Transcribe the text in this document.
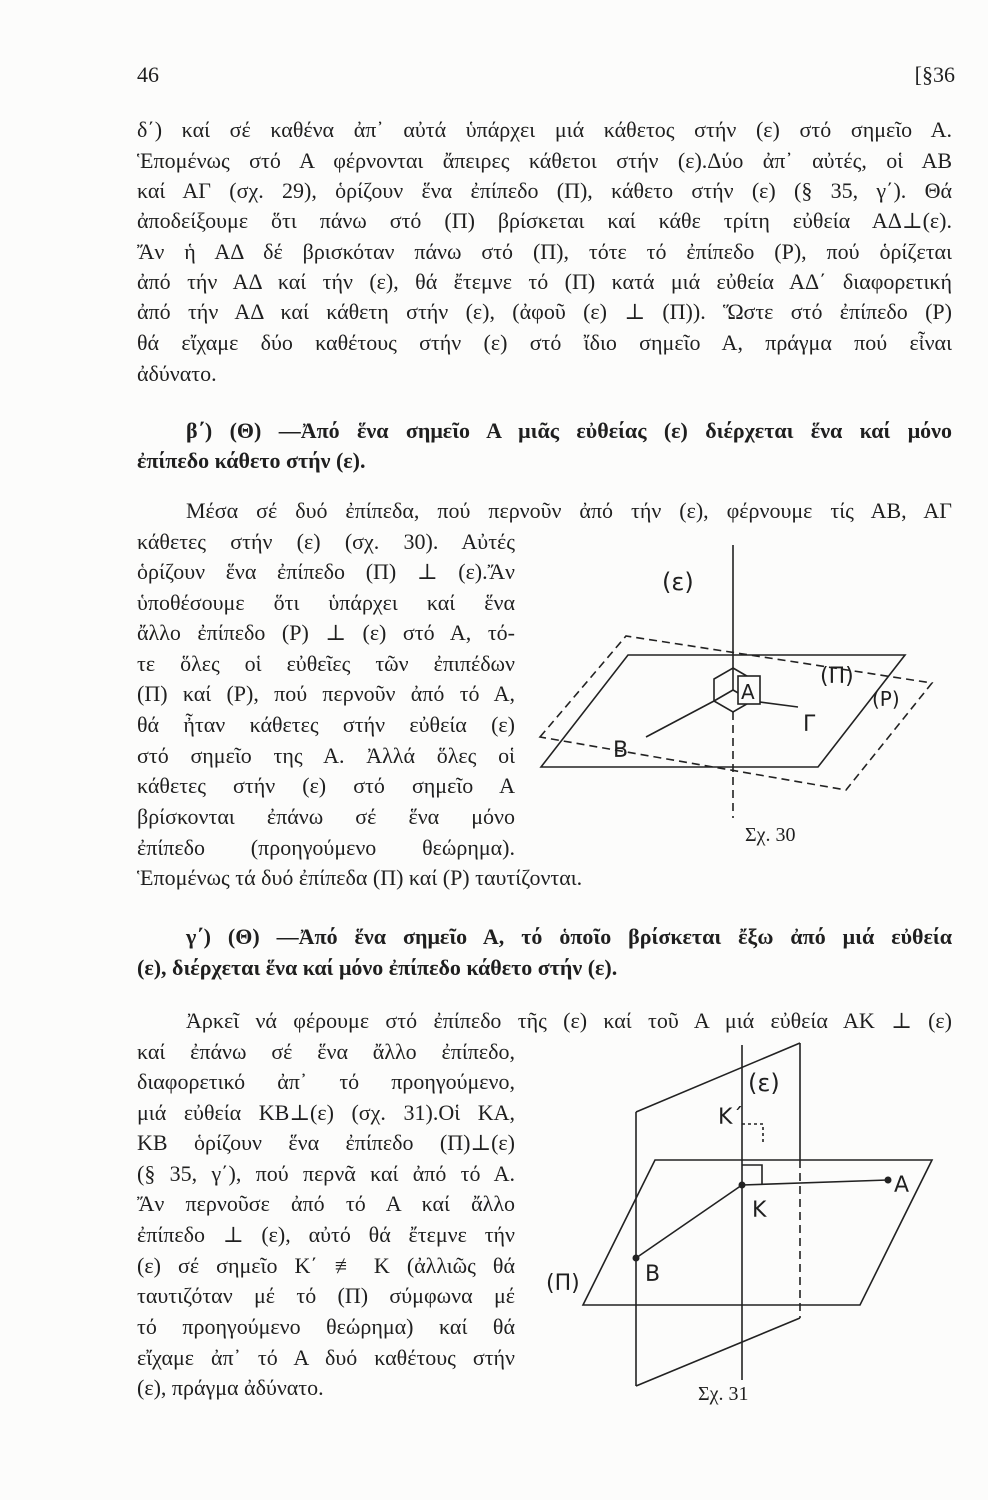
46	[§36
δ΄) καί σέ καθένα ἀπ᾽ αὐτά ὑπάρχει μιά κάθετος στήν (ε) στό σημεῖο Α.
Ἑπομένως στό Α φέρνονται ἄπειρες κάθετοι στήν (ε).Δύο ἀπ᾽ αὐτές, οἱ ΑΒ
καί ΑΓ (σχ. 29), ὁρίζουν ἕνα ἐπίπεδο (Π), κάθετο στήν (ε) (§ 35, γ΄). Θά
ἀποδείξουμε ὅτι πάνω στό (Π) βρίσκεται καί κάθε τρίτη εὐθεία ΑΔ⊥(ε).
Ἄν ἡ ΑΔ δέ βρισκόταν πάνω στό (Π), τότε τό ἐπίπεδο (Ρ), πού ὁρίζεται
ἀπό τήν ΑΔ καί τήν (ε), θά ἔτεμνε τό (Π) κατά μιά εὐθεία ΑΔ΄ διαφορετική
ἀπό τήν ΑΔ καί κάθετη στήν (ε), (ἀφοῦ (ε) ⊥ (Π)). Ὥστε στό ἐπίπεδο (Ρ)
θά εἴχαμε δύο καθέτους στήν (ε) στό ἴδιο σημεῖο Α, πράγμα πού εἶναι
ἀδύνατο.
β΄) (Θ) —Ἀπό ἕνα σημεῖο Α μιᾶς εὐθείας (ε) διέρχεται ἕνα καί μόνο
ἐπίπεδο κάθετο στήν (ε).
Μέσα σέ δυό ἐπίπεδα, πού περνοῦν ἀπό τήν (ε), φέρνουμε τίς ΑΒ, ΑΓ
κάθετες στήν (ε) (σχ. 30). Αὐτές
ὁρίζουν ἕνα ἐπίπεδο (Π) ⊥ (ε).Ἄν
ὑποθέσουμε ὅτι ὑπάρχει καί ἕνα
ἄλλο ἐπίπεδο (Ρ) ⊥ (ε) στό Α, τό-
τε ὅλες οἱ εὐθεῖες τῶν ἐπιπέδων
(Π) καί (Ρ), πού περνοῦν ἀπό τό Α,
θά ἦταν κάθετες στήν εὐθεία (ε)
στό σημεῖο της Α. Ἀλλά ὅλες οἱ
κάθετες στήν (ε) στό σημεῖο Α
βρίσκονται ἐπάνω σέ ἕνα μόνο
ἐπίπεδο (προηγούμενο θεώρημα).
Ἑπομένως τά δυό ἐπίπεδα (Π) καί (Ρ) ταυτίζονται.
(ε)
(Π)
(Ρ)
Α
Γ
Β
Σχ. 30
γ΄) (Θ) —Ἀπό ἕνα σημεῖο Α, τό ὁποῖο βρίσκεται ἔξω ἀπό μιά εὐθεία
(ε), διέρχεται ἕνα καί μόνο ἐπίπεδο κάθετο στήν (ε).
Ἀρκεῖ νά φέρουμε στό ἐπίπεδο τῆς (ε) καί τοῦ Α μιά εὐθεία ΑΚ ⊥ (ε)
καί ἐπάνω σέ ἕνα ἄλλο ἐπίπεδο,
διαφορετικό ἀπ᾽ τό προηγούμενο,
μιά εὐθεία ΚΒ⊥(ε) (σχ. 31).Οἱ ΚΑ,
ΚΒ ὁρίζουν ἕνα ἐπίπεδο (Π)⊥(ε)
(§ 35, γ΄), πού περνᾶ καί ἀπό τό Α.
Ἄν περνοῦσε ἀπό τό Α καί ἄλλο
ἐπίπεδο ⊥ (ε), αὐτό θά ἔτεμνε τήν
(ε) σέ σημεῖο Κ΄ ≢ Κ (ἀλλιῶς θά
ταυτιζόταν μέ τό (Π) σύμφωνα μέ
τό προηγούμενο θεώρημα) καί θά
εἴχαμε ἀπ᾽ τό Α δυό καθέτους στήν
(ε), πράγμα ἀδύνατο.
(ε)
Κ΄
Κ
Α
Β
(Π)
Σχ. 31
